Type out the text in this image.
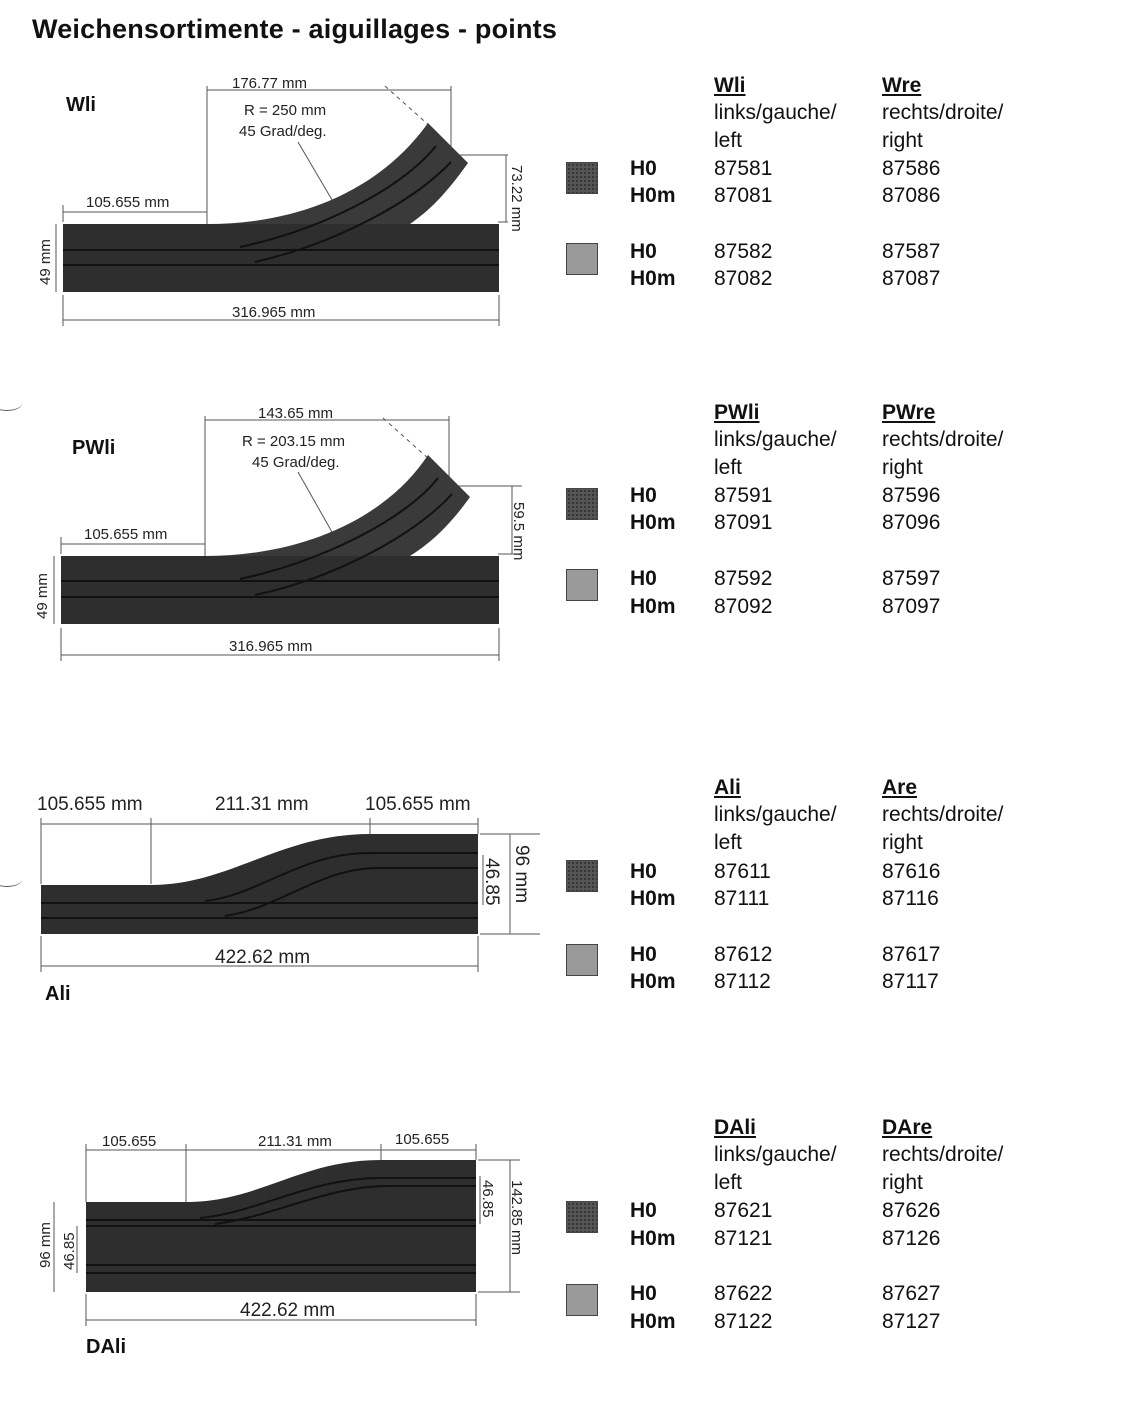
Weichensortimente - aiguillages - points
176.77 mm
R = 250 mm
45 Grad/deg.
105.655 mm	73.22 mm
49 mm
316.965 mm
Wli
Wli
links/gauche/
left
Wre
rechts/droite/
right
H0	87581	87586
H0m 87081	87086
H0	87582	87587
H0m 87082	87087
143.65 mm
R = 203.15 mm
45 Grad/deg.
105.655 mm	59.5 mm
49 mm
316.965 mm
PWli
PWli
links/gauche/
left
PWre
rechts/droite/
right
H0	87591	87596
H0m 87091	87096
H0	87592	87597
H0m 87092	87097
105.655 mm	211.31 mm	105.655 mm
96 mm
46.85
422.62 mm
Ali
Ali
links/gauche/
left
Are
rechts/droite/
right
H0	87611	87616
H0m 87111	87116
H0	87612	87617
H0m 87112	87117
105.655	211.31 mm	105.655
142.85 mm
46.85
96 mm 46.85
422.62 mm
DAli
DAli
links/gauche/
left
DAre
rechts/droite/
right
H0	87621	87626
H0m 87121	87126
H0	87622	87627
H0m 87122	87127
